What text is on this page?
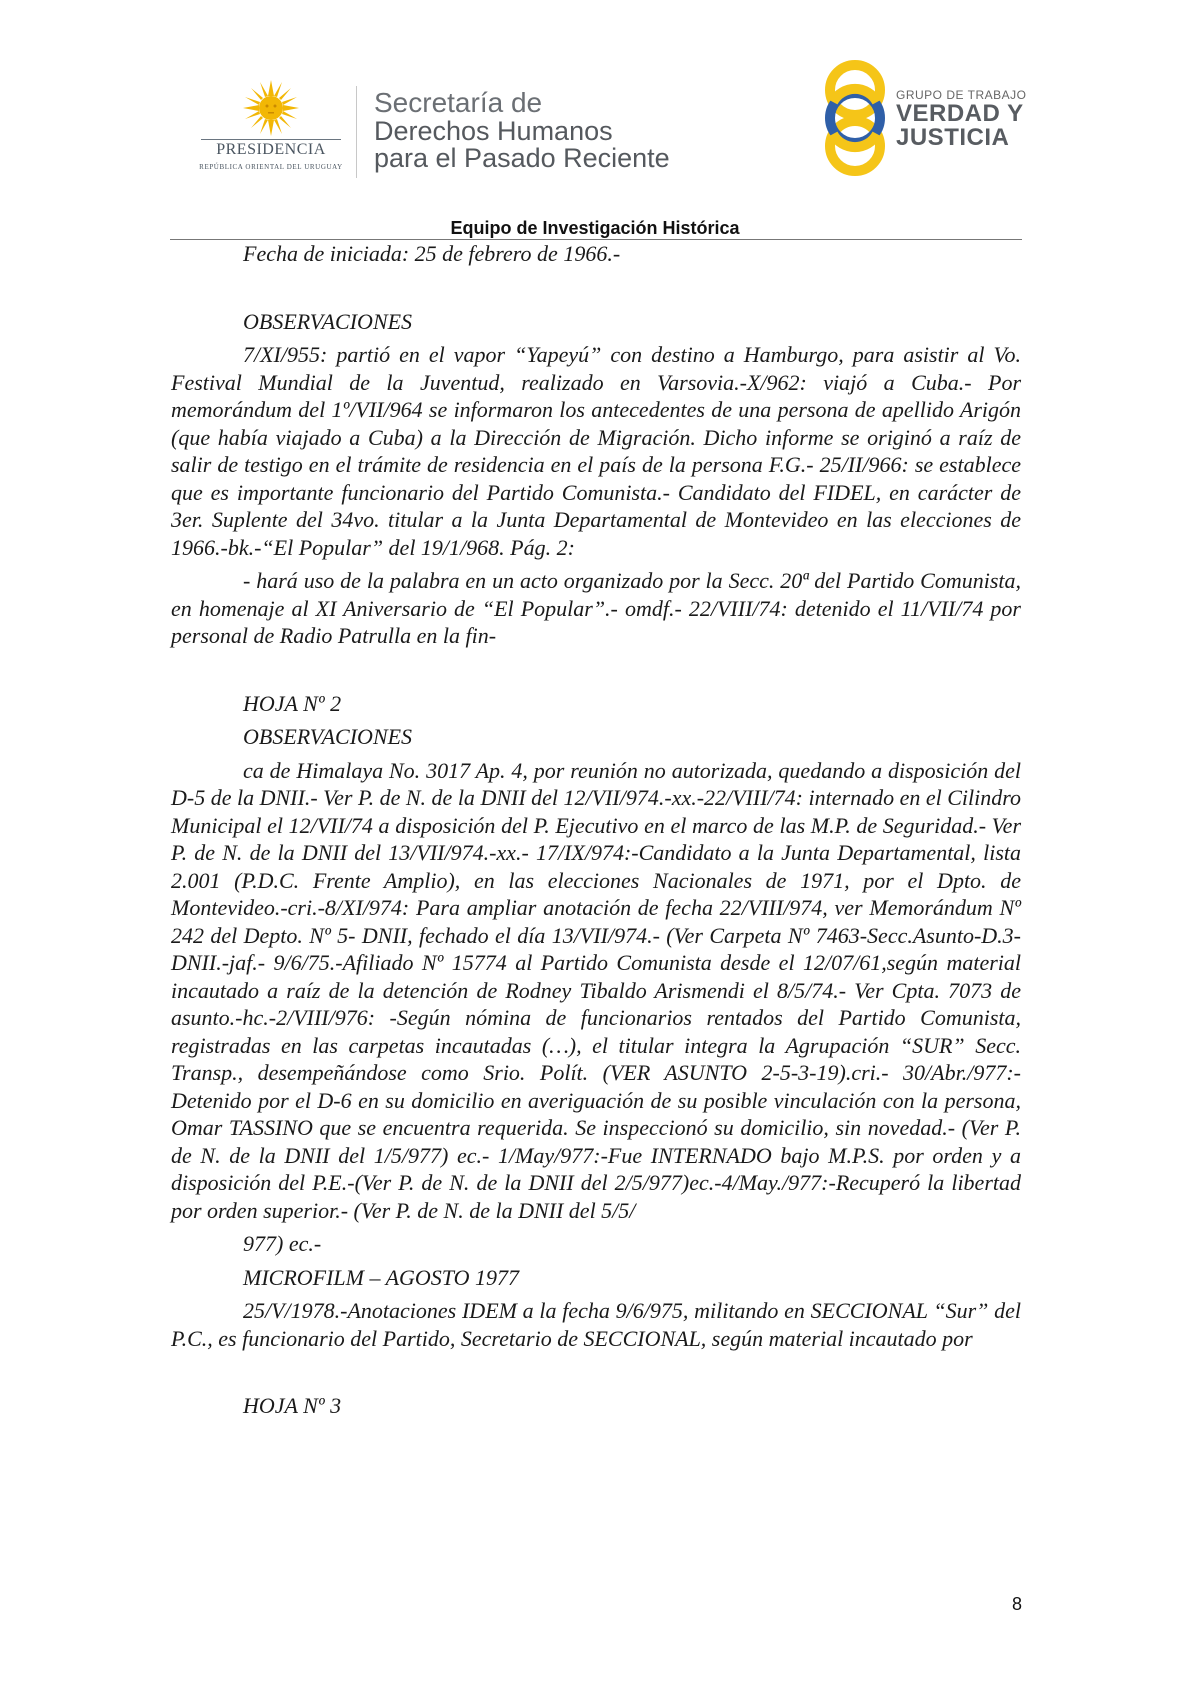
PRESIDENCIA
REPÚBLICA ORIENTAL DEL URUGUAY
Secretaría de
Derechos Humanos
para el Pasado Reciente
GRUPO DE TRABAJO
VERDAD Y
JUSTICIA
Equipo de Investigación Histórica

Fecha de iniciada: 25 de febrero de 1966.-

OBSERVACIONES

7/XI/955: partió en el vapor “Yapeyú” con destino a Hamburgo, para asistir al Vo. Festival Mundial de la Juventud, realizado en Varsovia.-X/962: viajó a Cuba.- Por memorándum del 1º/VII/964 se informaron los antecedentes de una persona de apellido Arigón (que había viajado a Cuba) a la Dirección de Migración. Dicho informe se originó a raíz de salir de testigo en el trámite de residencia en el país de la persona F.G.- 25/II/966: se establece que es importante funcionario del Partido Comunista.- Candidato del FIDEL, en carácter de 3er. Suplente del 34vo. titular a la Junta Departamental de Montevideo en las elecciones de 1966.-bk.-“El Popular” del 19/1/968. Pág. 2:

- hará uso de la palabra en un acto organizado por la Secc. 20ª del Partido Comunista, en homenaje al XI Aniversario de “El Popular”.- omdf.- 22/VIII/74: detenido el 11/VII/74 por personal de Radio Patrulla en la fin-

HOJA Nº 2

OBSERVACIONES

ca de Himalaya No. 3017 Ap. 4, por reunión no autorizada, quedando a disposición del D-5 de la DNII.- Ver P. de N. de la DNII del 12/VII/974.-xx.-22/VIII/74: internado en el Cilindro Municipal el 12/VII/74 a disposición del P. Ejecutivo en el marco de las M.P. de Seguridad.- Ver P. de N. de la DNII del 13/VII/974.-xx.- 17/IX/974:-Candidato a la Junta Departamental, lista 2.001 (P.D.C. Frente Amplio), en las elecciones Nacionales de 1971, por el Dpto. de Montevideo.-cri.-8/XI/974: Para ampliar anotación de fecha 22/VIII/974, ver Memorándum Nº 242 del Depto. Nº 5- DNII, fechado el día 13/VII/974.- (Ver Carpeta Nº 7463-Secc.Asunto-D.3-DNII.-jaf.- 9/6/75.-Afiliado Nº 15774 al Partido Comunista desde el 12/07/61,según material incautado a raíz de la detención de Rodney Tibaldo Arismendi el 8/5/74.- Ver Cpta. 7073 de asunto.-hc.-2/VIII/976: -Según nómina de funcionarios rentados del Partido Comunista, registradas en las carpetas incautadas (…), el titular integra la Agrupación “SUR” Secc. Transp., desempeñándose como Srio. Polít. (VER ASUNTO 2-5-3-19).cri.- 30/Abr./977:-Detenido por el D-6 en su domicilio en averiguación de su posible vinculación con la persona, Omar TASSINO que se encuentra requerida. Se inspeccionó su domicilio, sin novedad.- (Ver P. de N. de la DNII del 1/5/977) ec.- 1/May/977:-Fue INTERNADO bajo M.P.S. por orden y a disposición del P.E.-(Ver P. de N. de la DNII del 2/5/977)ec.-4/May./977:-Recuperó la libertad por orden superior.- (Ver P. de N. de la DNII del 5/5/

977) ec.-

MICROFILM – AGOSTO 1977

25/V/1978.-Anotaciones IDEM a la fecha 9/6/975, militando en SECCIONAL “Sur” del P.C., es funcionario del Partido, Secretario de SECCIONAL, según material incautado por

HOJA Nº 3

8
